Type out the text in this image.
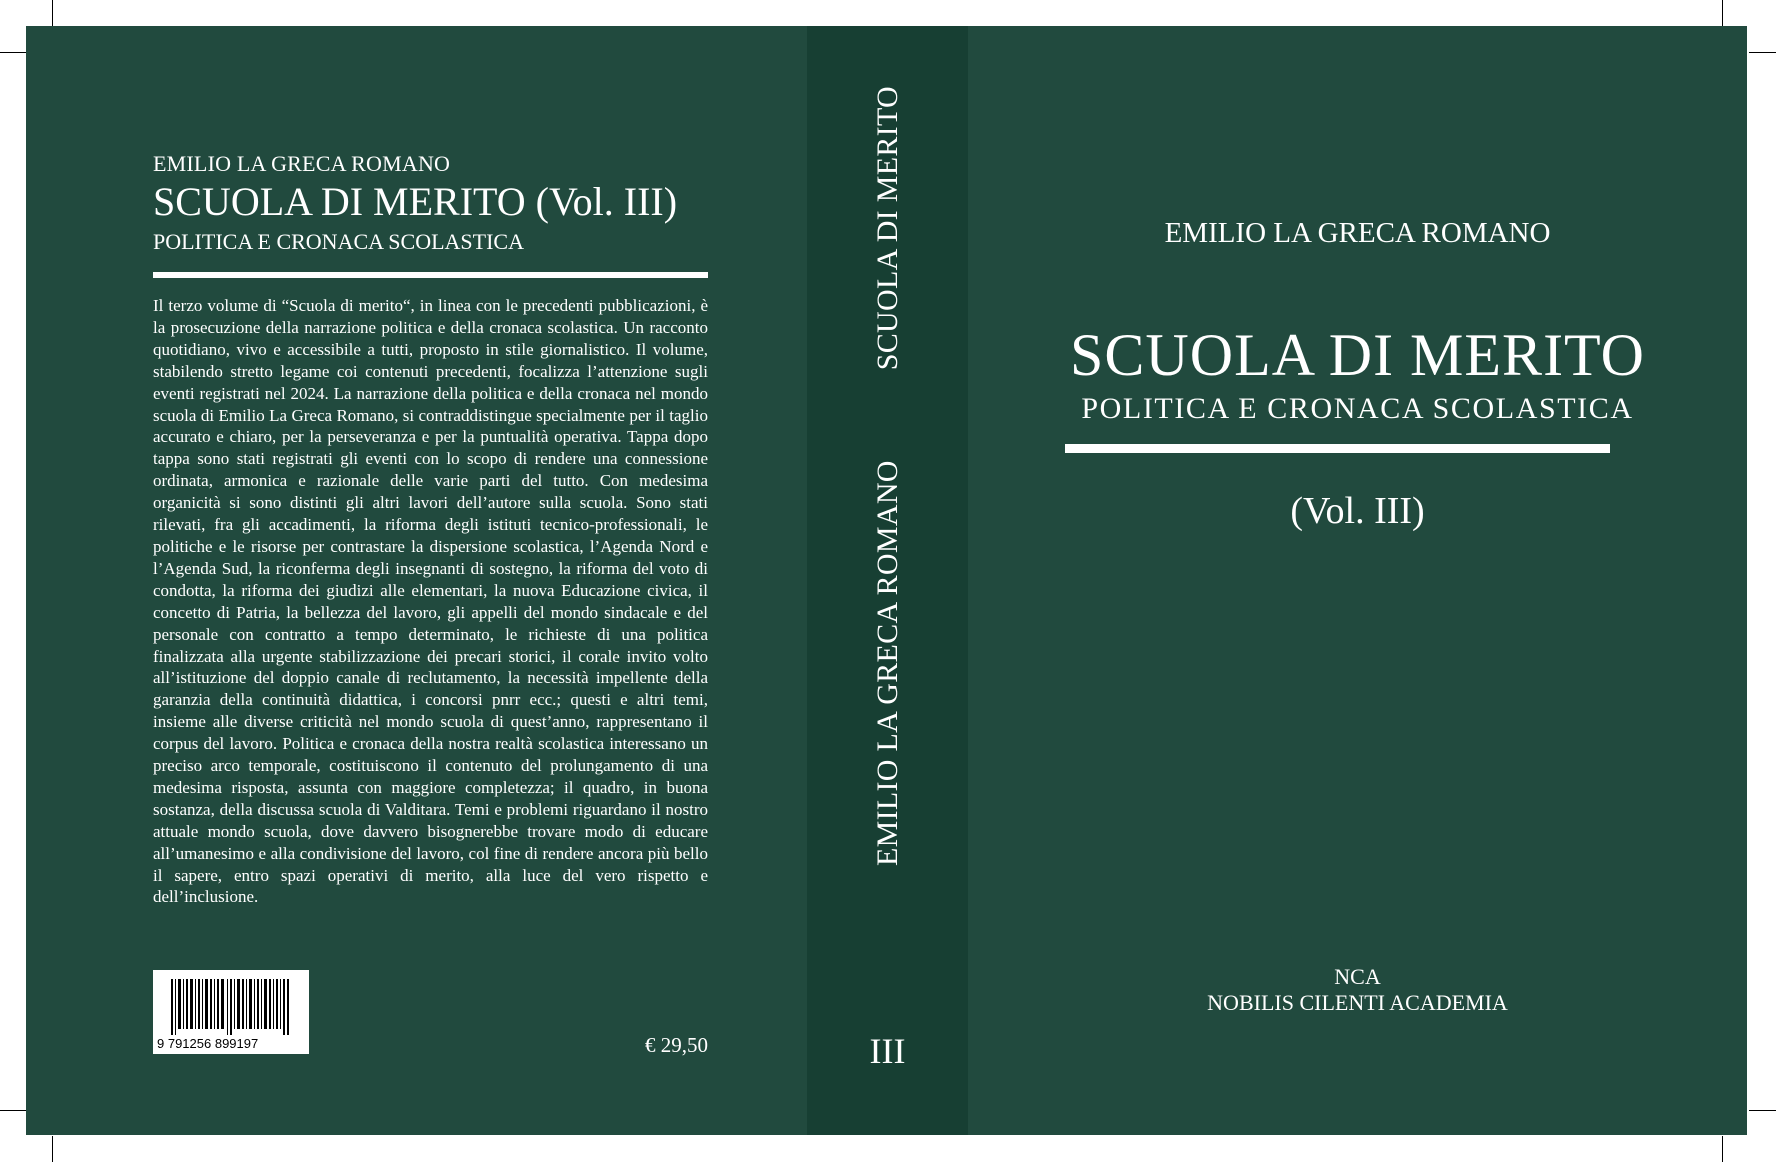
EMILIO LA GRECA ROMANO
SCUOLA DI MERITO (Vol. III)
POLITICA E CRONACA SCOLASTICA
Il terzo volume di “Scuola di merito“, in linea con le precedenti pubblicazioni, è la prosecuzione della narrazione politica e della cronaca scolastica. Un racconto quotidiano, vivo e accessibile a tutti, proposto in stile giornalistico. Il volume, stabilendo stretto legame coi contenuti precedenti, focalizza l’attenzione sugli eventi registrati nel 2024. La narrazione della politica e della cronaca nel mondo scuola di Emilio La Greca Romano, si contraddistingue specialmente per il taglio accurato e chiaro, per la perseveranza e per la puntualità operativa. Tappa dopo tappa sono stati registrati gli eventi con lo scopo di rendere una connessione ordinata, armonica e razionale delle varie parti del tutto. Con medesima organicità si sono distinti gli altri lavori dell’autore sulla scuola. Sono stati rilevati, fra gli accadimenti, la riforma degli istituti tecnico-professionali, le politiche e le risorse per contrastare la dispersione scolastica, l’Agenda Nord e l’Agenda Sud, la riconferma degli insegnanti di sostegno, la riforma del voto di condotta, la riforma dei giudizi alle elementari, la nuova Educazione civica, il concetto di Patria, la bellezza del lavoro, gli appelli del mondo sindacale e del personale con contratto a tempo determinato, le richieste di una politica finalizzata alla urgente stabilizzazione dei precari storici, il corale invito volto all’istituzione del doppio canale di reclutamento, la necessità impellente della garanzia della continuità didattica, i concorsi pnrr ecc.; questi e altri temi, insieme alle diverse criticità nel mondo scuola di quest’anno, rappresentano il corpus del lavoro. Politica e cronaca della nostra realtà scolastica interessano un preciso arco temporale, costituiscono il contenuto del prolungamento di una medesima risposta, assunta con maggiore completezza; il quadro, in buona sostanza, della discussa scuola di Valditara. Temi e problemi riguardano il nostro attuale mondo scuola, dove davvero bisognerebbe trovare modo di educare all’umanesimo e alla condivisione del lavoro, col fine di rendere ancora più bello il sapere, entro spazi operativi di merito, alla luce del vero rispetto e dell’inclusione.
9 791256 899197	€ 29,50
EMILIO LA GRECA ROMANOSCUOLA DI MERITO
III
EMILIO LA GRECA ROMANO
SCUOLA DI MERITO
POLITICA E CRONACA SCOLASTICA
(Vol. III)
NCA
NOBILIS CILENTI ACADEMIA
